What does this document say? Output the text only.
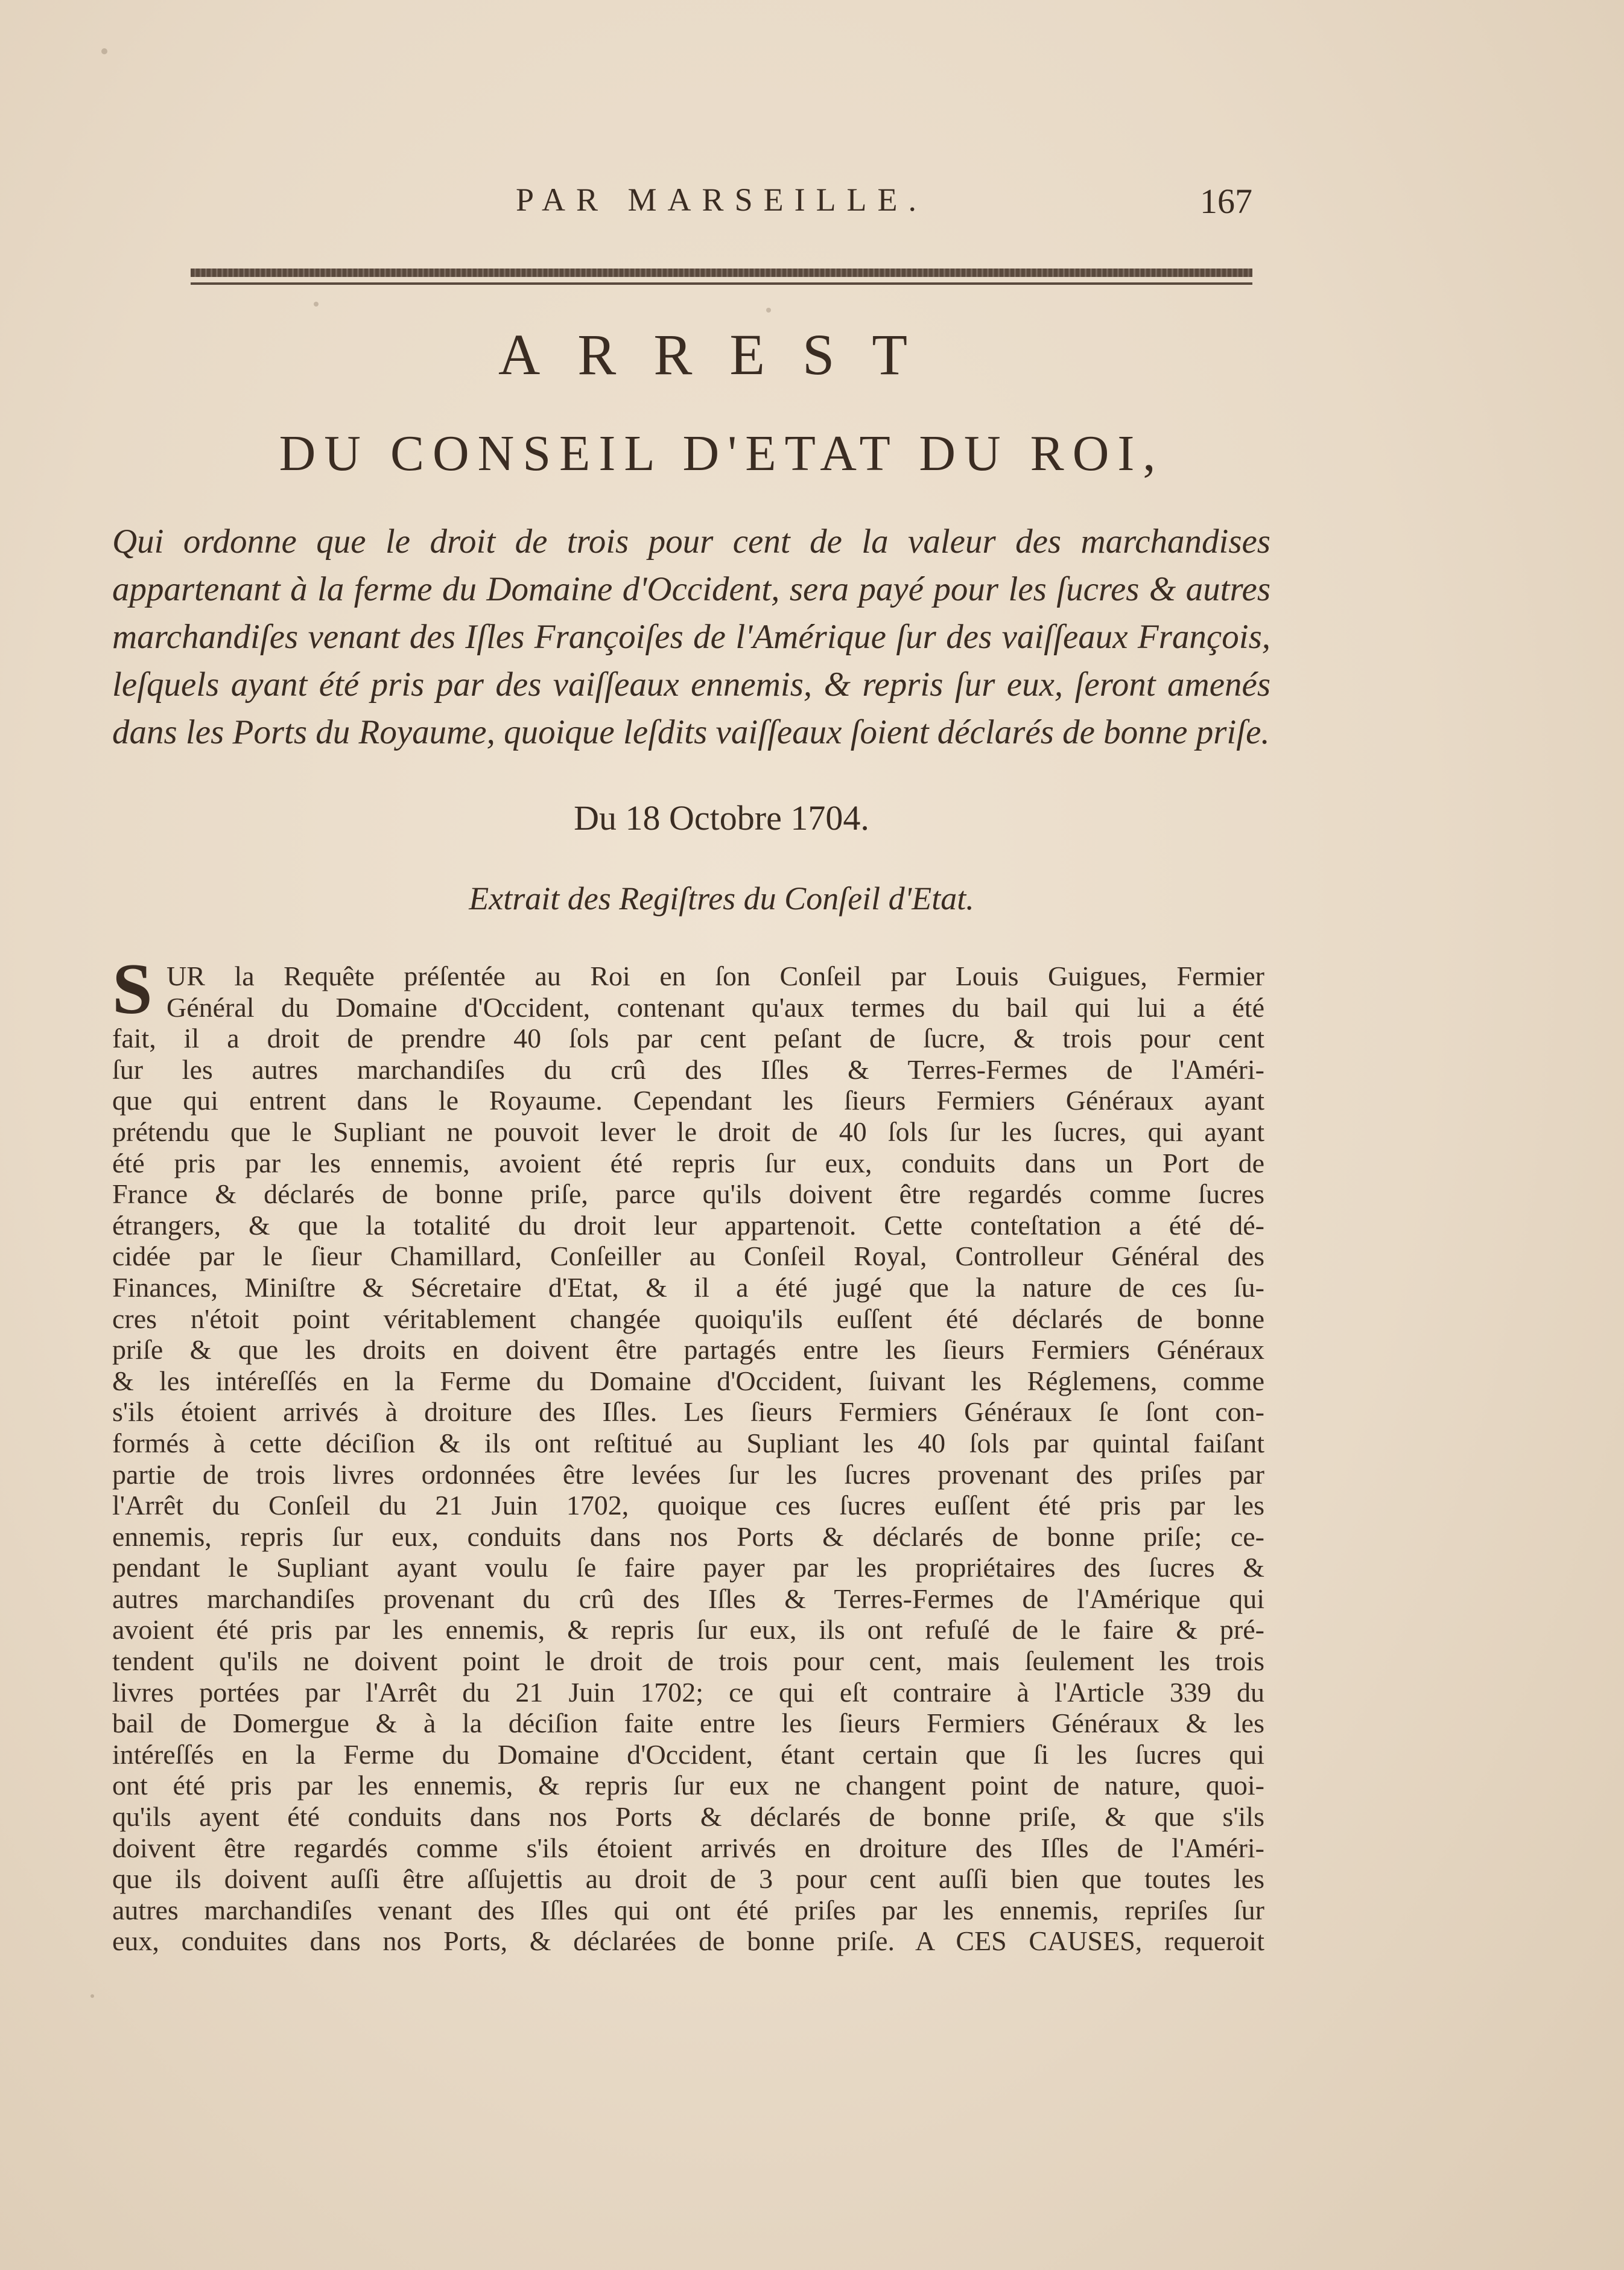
PAR MARSEILLE.	167
ARREST
DU CONSEIL D'ETAT DU ROI,
Qui ordonne que le droit de trois pour cent de la valeur des marchandises appartenant à la ferme du Domaine d'Occident, sera payé pour les ſucres & autres marchandiſes venant des Iſles Françoiſes de l'Amérique ſur des vaiſſeaux François, leſquels ayant été pris par des vaiſſeaux ennemis, & repris ſur eux, ſeront amenés dans les Ports du Royaume, quoique leſdits vaiſſeaux ſoient déclarés de bonne priſe.
Du 18 Octobre 1704.
Extrait des Regiſtres du Conſeil d'Etat.
S UR la Requête préſentée au Roi en ſon Conſeil par Louis Guigues, Fermier
Général du Domaine d'Occident, contenant qu'aux termes du bail qui lui a été
fait, il a droit de prendre 40 ſols par cent peſant de ſucre, & trois pour cent
ſur les autres marchandiſes du crû des Iſles & Terres-Fermes de l'Améri-
que qui entrent dans le Royaume. Cependant les ſieurs Fermiers Généraux ayant
prétendu que le Supliant ne pouvoit lever le droit de 40 ſols ſur les ſucres, qui ayant
été pris par les ennemis, avoient été repris ſur eux, conduits dans un Port de
France & déclarés de bonne priſe, parce qu'ils doivent être regardés comme ſucres
étrangers, & que la totalité du droit leur appartenoit. Cette conteſtation a été dé-
cidée par le ſieur Chamillard, Conſeiller au Conſeil Royal, Controlleur Général des
Finances, Miniſtre & Sécretaire d'Etat, & il a été jugé que la nature de ces ſu-
cres n'étoit point véritablement changée quoiqu'ils euſſent été déclarés de bonne
priſe & que les droits en doivent être partagés entre les ſieurs Fermiers Généraux
& les intéreſſés en la Ferme du Domaine d'Occident, ſuivant les Réglemens, comme
s'ils étoient arrivés à droiture des Iſles. Les ſieurs Fermiers Généraux ſe ſont con-
formés à cette déciſion & ils ont reſtitué au Supliant les 40 ſols par quintal faiſant
partie de trois livres ordonnées être levées ſur les ſucres provenant des priſes par
l'Arrêt du Conſeil du 21 Juin 1702, quoique ces ſucres euſſent été pris par les
ennemis, repris ſur eux, conduits dans nos Ports & déclarés de bonne priſe; ce-
pendant le Supliant ayant voulu ſe faire payer par les propriétaires des ſucres &
autres marchandiſes provenant du crû des Iſles & Terres-Fermes de l'Amérique qui
avoient été pris par les ennemis, & repris ſur eux, ils ont refuſé de le faire & pré-
tendent qu'ils ne doivent point le droit de trois pour cent, mais ſeulement les trois
livres portées par l'Arrêt du 21 Juin 1702; ce qui eſt contraire à l'Article 339 du
bail de Domergue & à la déciſion faite entre les ſieurs Fermiers Généraux & les
intéreſſés en la Ferme du Domaine d'Occident, étant certain que ſi les ſucres qui
ont été pris par les ennemis, & repris ſur eux ne changent point de nature, quoi-
qu'ils ayent été conduits dans nos Ports & déclarés de bonne priſe, & que s'ils
doivent être regardés comme s'ils étoient arrivés en droiture des Iſles de l'Améri-
que ils doivent auſſi être aſſujettis au droit de 3 pour cent auſſi bien que toutes les
autres marchandiſes venant des Iſles qui ont été priſes par les ennemis, repriſes ſur
eux, conduites dans nos Ports, & déclarées de bonne priſe. A CES CAUSES, requeroit
